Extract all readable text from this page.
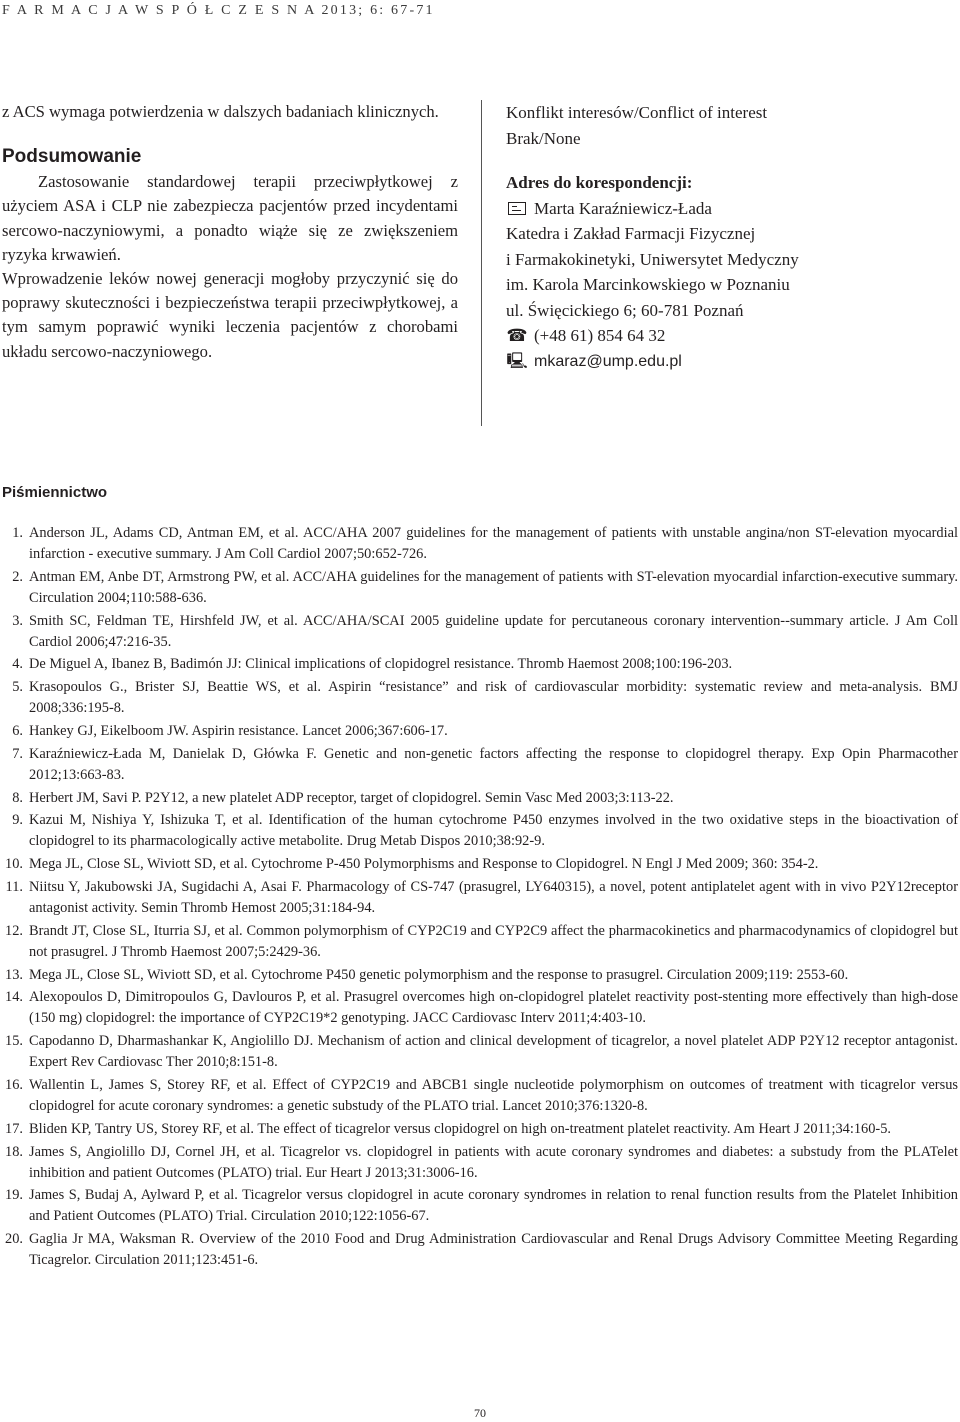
F A R M A C J A W S P Ó Ł C Z E S N A 2013; 6: 67-71

z ACS wymaga potwierdzenia w dalszych badaniach klinicznych.

Podsumowanie

Zastosowanie standardowej terapii przeciwpłytkowej z użyciem ASA i CLP nie zabezpiecza pacjentów przed incydentami sercowo-naczyniowymi, a ponadto wiąże się ze zwiększeniem ryzyka krwawień.

Wprowadzenie leków nowej generacji mogłoby przyczynić się do poprawy skuteczności i bezpieczeństwa terapii przeciwpłytkowej, a tym samym poprawić wyniki leczenia pacjentów z chorobami układu sercowo-naczyniowego.

Konflikt interesów/Conflict of interest
Brak/None
Adres do korespondencji:
Marta Karaźniewicz-Łada
Katedra i Zakład Farmacji Fizycznej
i Farmakokinetyki, Uniwersytet Medyczny
im. Karola Marcinkowskiego w Poznaniu
ul. Święcickiego 6; 60-781 Poznań
☎ (+48 61) 854 64 32
🖳 mkaraz@ump.edu.pl
Piśmiennictwo
1. Anderson JL, Adams CD, Antman EM, et al. ACC/AHA 2007 guidelines for the management of patients with unstable angina/non ST-elevation myocardial infarction - executive summary. J Am Coll Cardiol 2007;50:652-726.
2. Antman EM, Anbe DT, Armstrong PW, et al. ACC/AHA guidelines for the management of patients with ST-elevation myocardial infarction-executive summary. Circulation 2004;110:588-636.
3. Smith SC, Feldman TE, Hirshfeld JW, et al. ACC/AHA/SCAI 2005 guideline update for percutaneous coronary intervention--summary article. J Am Coll Cardiol 2006;47:216-35.
4. De Miguel A, Ibanez B, Badimón JJ: Clinical implications of clopidogrel resistance. Thromb Haemost 2008;100:196-203.
5. Krasopoulos G., Brister SJ, Beattie WS, et al. Aspirin “resistance” and risk of cardiovascular morbidity: systematic review and meta-analysis. BMJ 2008;336:195-8.
6. Hankey GJ, Eikelboom JW. Aspirin resistance. Lancet 2006;367:606-17.
7. Karaźniewicz-Łada M, Danielak D, Główka F. Genetic and non-genetic factors affecting the response to clopidogrel therapy. Exp Opin Pharmacother 2012;13:663-83.
8. Herbert JM, Savi P. P2Y12, a new platelet ADP receptor, target of clopidogrel. Semin Vasc Med 2003;3:113-22.
9. Kazui M, Nishiya Y, Ishizuka T, et al. Identification of the human cytochrome P450 enzymes involved in the two oxidative steps in the bioactivation of clopidogrel to its pharmacologically active metabolite. Drug Metab Dispos 2010;38:92-9.
10. Mega JL, Close SL, Wiviott SD, et al. Cytochrome P-450 Polymorphisms and Response to Clopidogrel. N Engl J Med 2009; 360: 354-2.
11. Niitsu Y, Jakubowski JA, Sugidachi A, Asai F. Pharmacology of CS-747 (prasugrel, LY640315), a novel, potent antiplatelet agent with in vivo P2Y12receptor antagonist activity. Semin Thromb Hemost 2005;31:184-94.
12. Brandt JT, Close SL, Iturria SJ, et al. Common polymorphism of CYP2C19 and CYP2C9 affect the pharmacokinetics and pharmacodynamics of clopidogrel but not prasugrel. J Thromb Haemost 2007;5:2429-36.
13. Mega JL, Close SL, Wiviott SD, et al. Cytochrome P450 genetic polymorphism and the response to prasugrel. Circulation 2009;119: 2553-60.
14. Alexopoulos D, Dimitropoulos G, Davlouros P, et al. Prasugrel overcomes high on-clopidogrel platelet reactivity post-stenting more effectively than high-dose (150 mg) clopidogrel: the importance of CYP2C19*2 genotyping. JACC Cardiovasc Interv 2011;4:403-10.
15. Capodanno D, Dharmashankar K, Angiolillo DJ. Mechanism of action and clinical development of ticagrelor, a novel platelet ADP P2Y12 receptor antagonist. Expert Rev Cardiovasc Ther 2010;8:151-8.
16. Wallentin L, James S, Storey RF, et al. Effect of CYP2C19 and ABCB1 single nucleotide polymorphism on outcomes of treatment with ticagrelor versus clopidogrel for acute coronary syndromes: a genetic substudy of the PLATO trial. Lancet 2010;376:1320-8.
17. Bliden KP, Tantry US, Storey RF, et al. The effect of ticagrelor versus clopidogrel on high on-treatment platelet reactivity. Am Heart J 2011;34:160-5.
18. James S, Angiolillo DJ, Cornel JH, et al. Ticagrelor vs. clopidogrel in patients with acute coronary syndromes and diabetes: a substudy from the PLATelet inhibition and patient Outcomes (PLATO) trial. Eur Heart J 2013;31:3006-16.
19. James S, Budaj A, Aylward P, et al. Ticagrelor versus clopidogrel in acute coronary syndromes in relation to renal function results from the Platelet Inhibition and Patient Outcomes (PLATO) Trial. Circulation 2010;122:1056-67.
20. Gaglia Jr MA, Waksman R. Overview of the 2010 Food and Drug Administration Cardiovascular and Renal Drugs Advisory Committee Meeting Regarding Ticagrelor. Circulation 2011;123:451-6.
70
